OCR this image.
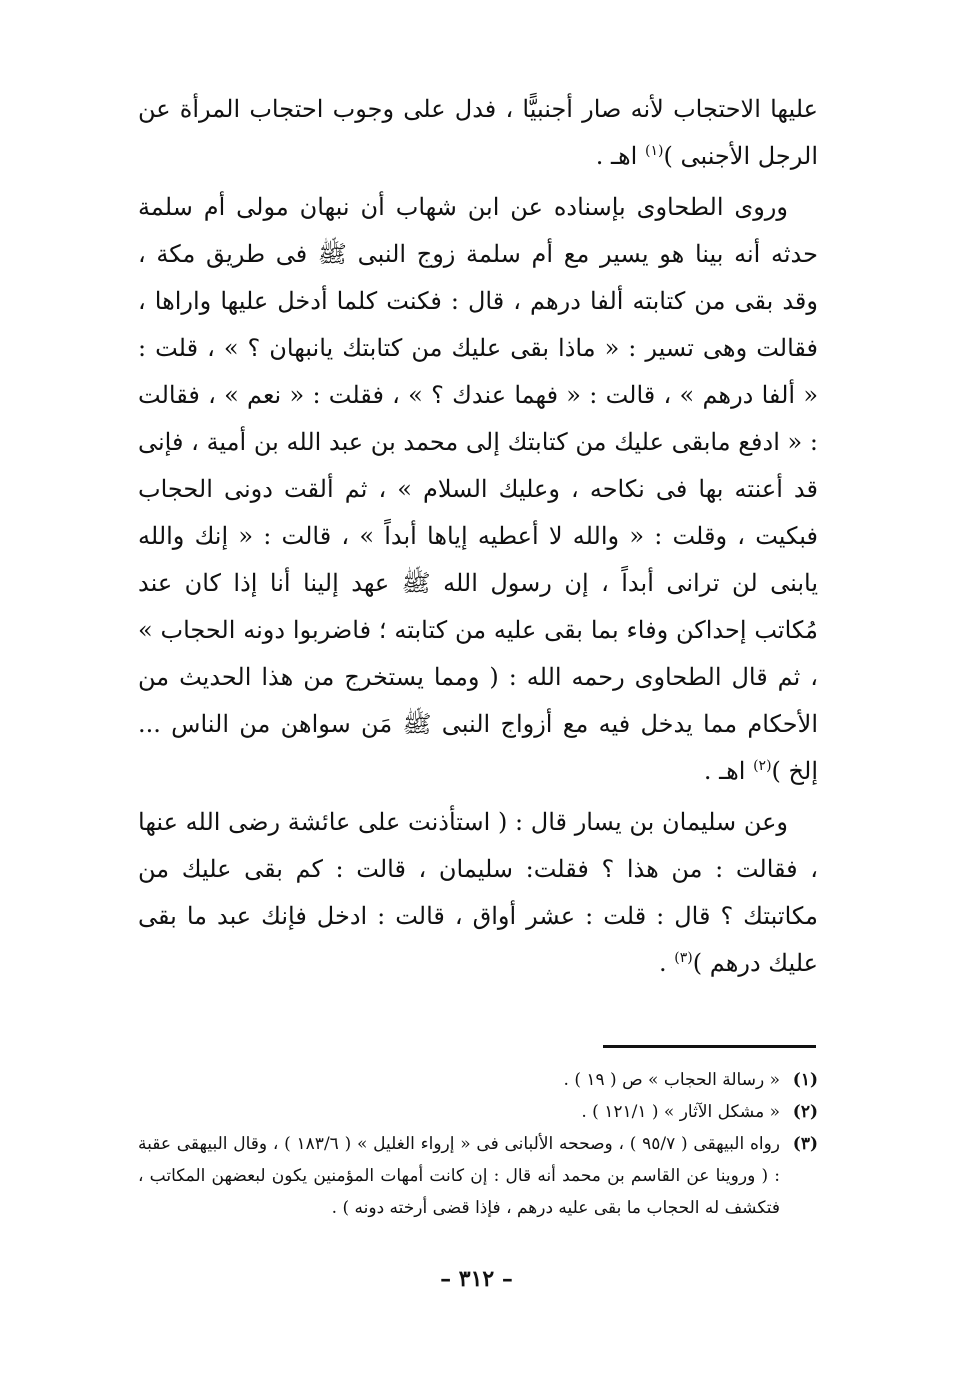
عليها الاحتجاب لأنه صار أجنبيًّا ، فدل على وجوب احتجاب المرأة عن الرجل الأجنبى )$^{(١)}$ اهـ .

وروى الطحاوى بإسناده عن ابن شهاب أن نبهان مولى أم سلمة حدثه أنه بينا هو يسير مع أم سلمة زوج النبى ﷺ فى طريق مكة ، وقد بقى من كتابته ألفا درهم ، قال : فكنت كلما أدخل عليها واراها ، فقالت وهى تسير : « ماذا بقى عليك من كتابتك يانبهان ؟ » ، قلت : « ألفا درهم » ، قالت : « فهما عندك ؟ » ، فقلت : « نعم » ، فقالت : « ادفع مابقى عليك من كتابتك إلى محمد بن عبد الله بن أمية ، فإنى قد أعنته بها فى نكاحه ، وعليك السلام » ، ثم ألقت دونى الحجاب فبكيت ، وقلت : « والله لا أعطيه إياها أبداً » ، قالت : « إنك والله يابنى لن ترانى أبداً ، إن رسول الله ﷺ عهد إلينا أنا إذا كان عند مُكاتب إحداكن وفاء بما بقى عليه من كتابته ؛ فاضربوا دونه الحجاب » ، ثم قال الطحاوى رحمه الله : ( ومما يستخرج من هذا الحديث من الأحكام مما يدخل فيه مع أزواج النبى ﷺ مَن سواهن من الناس ... إلخ )$^{(٢)}$ اهـ .

وعن سليمان بن يسار قال : ( استأذنت على عائشة رضى الله عنها ، فقالت : من هذا ؟ فقلت: سليمان ، قالت : كم بقى عليك من مكاتبتك ؟ قال : قلت : عشر أواق ، قالت : ادخل فإنك عبد ما بقى عليك درهم )$^{(٣)}$ .

(١)
« رسالة الحجاب » ص ( ١٩ ) .
(٢)
« مشكل الآثار » ( ١٢١/١ ) .
(٣)
رواه البيهقى ( ٩٥/٧ ) ، وصححه الألبانى فى « إرواء الغليل » ( ١٨٣/٦ ) ، وقال البيهقى عقبة : ( وروينا عن القاسم بن محمد أنه قال : إن كانت أمهات المؤمنين يكون لبعضهن المكاتب ، فتكشف له الحجاب ما بقى عليه درهم ، فإذا قضى أرخته دونه ) .
– ٣١٢ –
